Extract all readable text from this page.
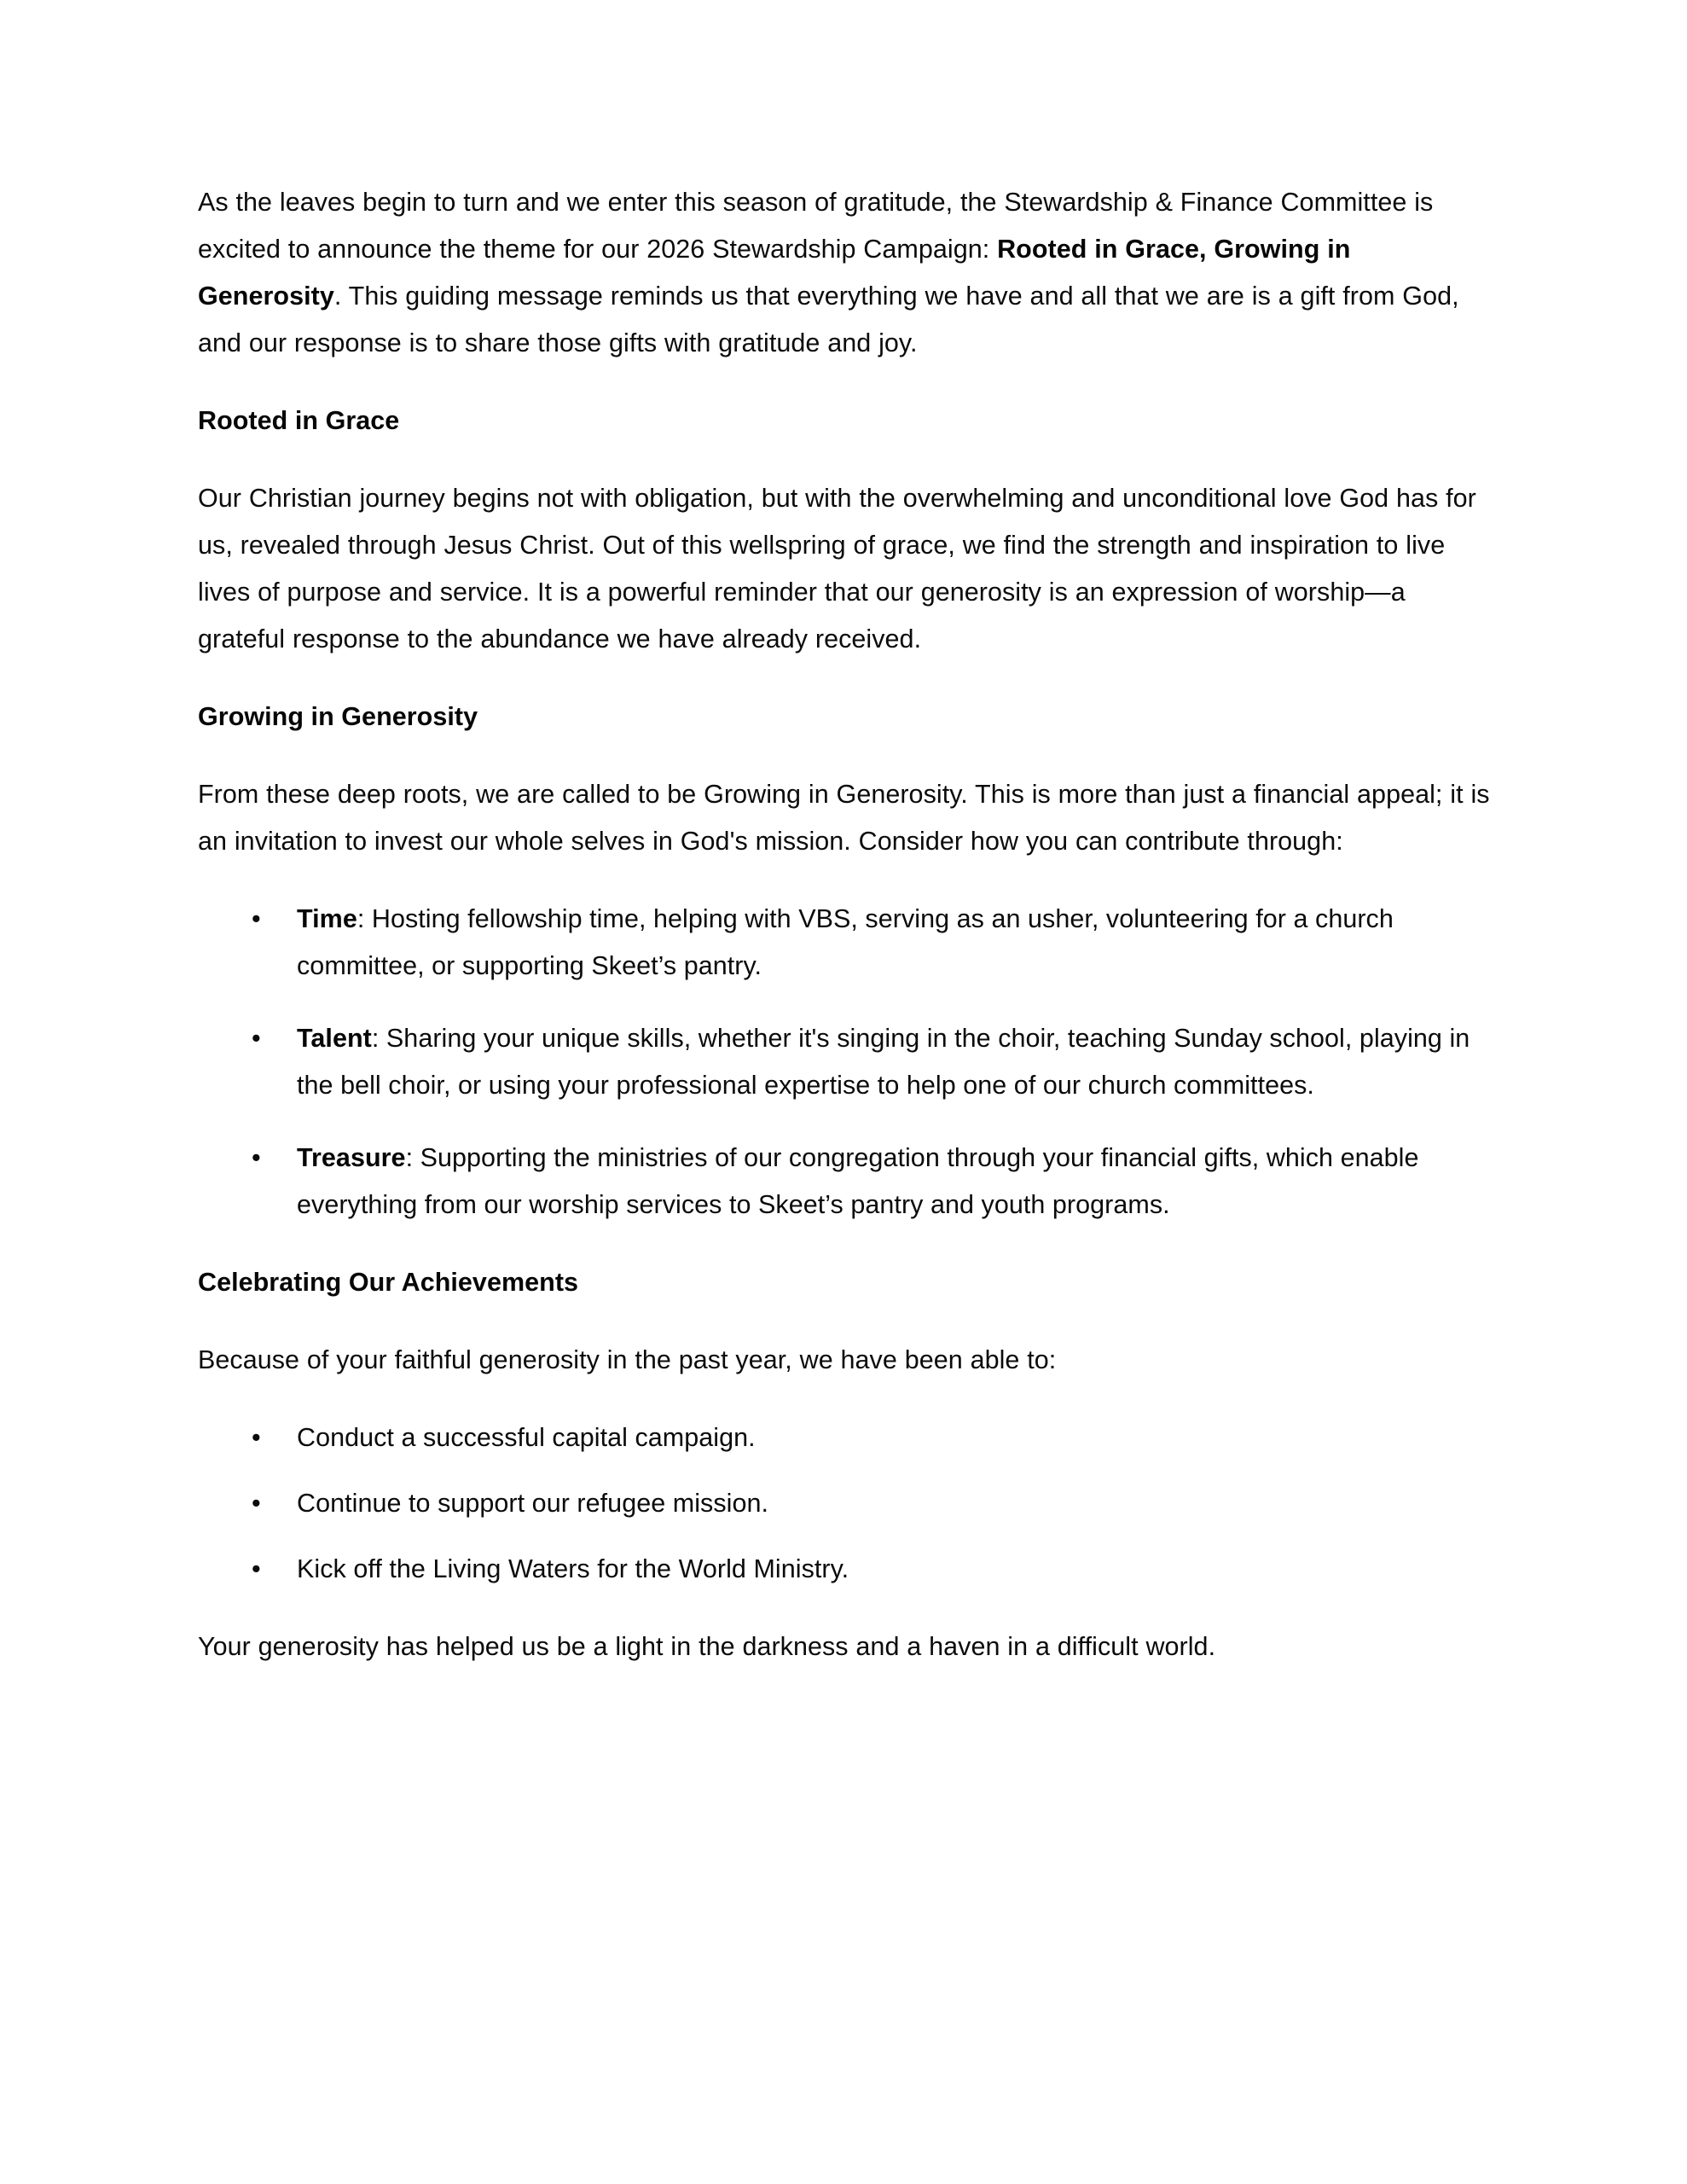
As the leaves begin to turn and we enter this season of gratitude, the Stewardship & Finance Committee is excited to announce the theme for our 2026 Stewardship Campaign: Rooted in Grace, Growing in Generosity. This guiding message reminds us that everything we have and all that we are is a gift from God, and our response is to share those gifts with gratitude and joy.

Rooted in Grace

Our Christian journey begins not with obligation, but with the overwhelming and unconditional love God has for us, revealed through Jesus Christ. Out of this wellspring of grace, we find the strength and inspiration to live lives of purpose and service. It is a powerful reminder that our generosity is an expression of worship—a grateful response to the abundance we have already received.

Growing in Generosity

From these deep roots, we are called to be Growing in Generosity. This is more than just a financial appeal; it is an invitation to invest our whole selves in God's mission. Consider how you can contribute through:

• Time: Hosting fellowship time, helping with VBS, serving as an usher, volunteering for a church committee, or supporting Skeet’s pantry.
• Talent: Sharing your unique skills, whether it's singing in the choir, teaching Sunday school, playing in the bell choir, or using your professional expertise to help one of our church committees.
• Treasure: Supporting the ministries of our congregation through your financial gifts, which enable everything from our worship services to Skeet’s pantry and youth programs.
Celebrating Our Achievements

Because of your faithful generosity in the past year, we have been able to:

• Conduct a successful capital campaign.
• Continue to support our refugee mission.
• Kick off the Living Waters for the World Ministry.

Your generosity has helped us be a light in the darkness and a haven in a difficult world.
